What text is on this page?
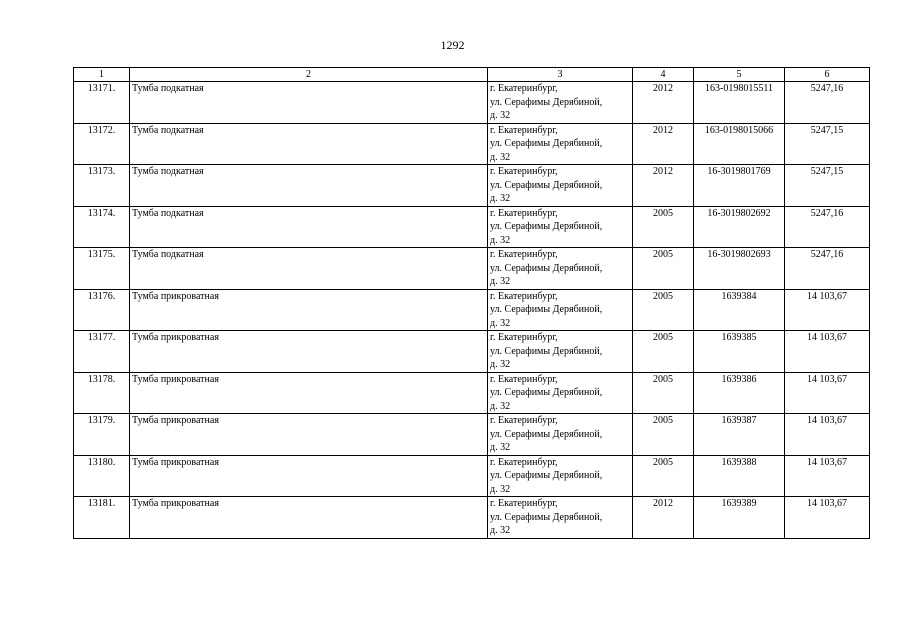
1292
1	2	3	4	5	6
13171.	Тумба подкатная	г. Екатеринбург,
ул. Серафимы Дерябиной,
д. 32	2012	163-0198015511	5247,16
13172.	Тумба подкатная	г. Екатеринбург,
ул. Серафимы Дерябиной,
д. 32	2012	163-0198015066	5247,15
13173.	Тумба подкатная	г. Екатеринбург,
ул. Серафимы Дерябиной,
д. 32	2012	16-3019801769	5247,15
13174.	Тумба подкатная	г. Екатеринбург,
ул. Серафимы Дерябиной,
д. 32	2005	16-3019802692	5247,16
13175.	Тумба подкатная	г. Екатеринбург,
ул. Серафимы Дерябиной,
д. 32	2005	16-3019802693	5247,16
13176.	Тумба прикроватная	г. Екатеринбург,
ул. Серафимы Дерябиной,
д. 32	2005	1639384	14 103,67
13177.	Тумба прикроватная	г. Екатеринбург,
ул. Серафимы Дерябиной,
д. 32	2005	1639385	14 103,67
13178.	Тумба прикроватная	г. Екатеринбург,
ул. Серафимы Дерябиной,
д. 32	2005	1639386	14 103,67
13179.	Тумба прикроватная	г. Екатеринбург,
ул. Серафимы Дерябиной,
д. 32	2005	1639387	14 103,67
13180.	Тумба прикроватная	г. Екатеринбург,
ул. Серафимы Дерябиной,
д. 32	2005	1639388	14 103,67
13181.	Тумба прикроватная	г. Екатеринбург,
ул. Серафимы Дерябиной,
д. 32	2012	1639389	14 103,67
